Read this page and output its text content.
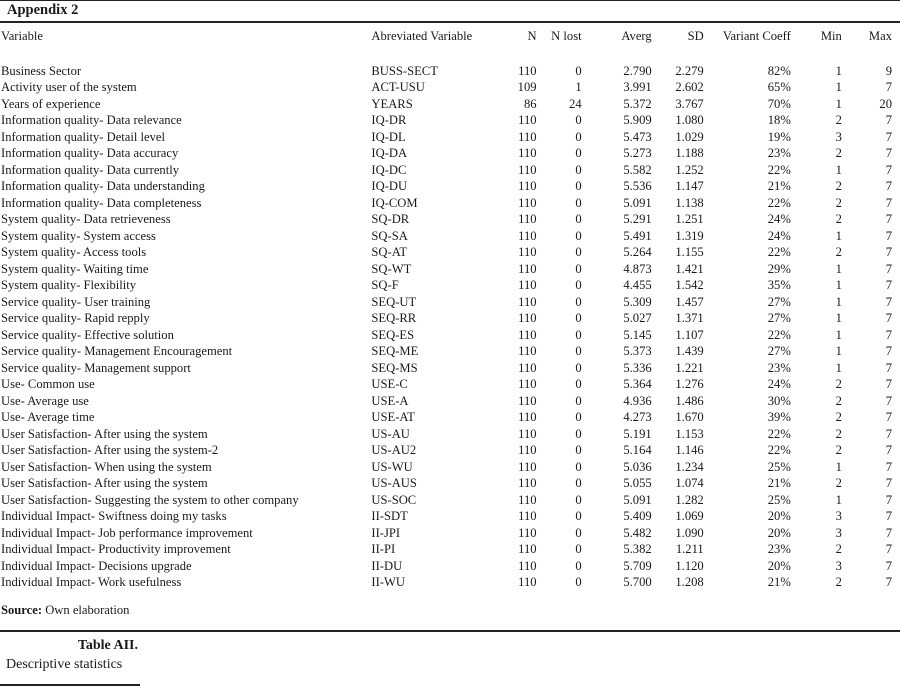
Appendix 2
Variable	Abreviated Variable	N	N lost	Averg	SD	Variant Coeff	Min	Max

Business Sector	BUSS-SECT	110	0	2.790	2.279	82%	1	9
Activity user of the system	ACT-USU	109	1	3.991	2.602	65%	1	7
Years of experience	YEARS	86	24	5.372	3.767	70%	1	20
Information quality- Data relevance	IQ-DR	110	0	5.909	1.080	18%	2	7
Information quality- Detail level	IQ-DL	110	0	5.473	1.029	19%	3	7
Information quality- Data accuracy	IQ-DA	110	0	5.273	1.188	23%	2	7
Information quality- Data currently	IQ-DC	110	0	5.582	1.252	22%	1	7
Information quality- Data understanding	IQ-DU	110	0	5.536	1.147	21%	2	7
Information quality- Data completeness	IQ-COM	110	0	5.091	1.138	22%	2	7
System quality- Data retrieveness	SQ-DR	110	0	5.291	1.251	24%	2	7
System quality- System access	SQ-SA	110	0	5.491	1.319	24%	1	7
System quality- Access tools	SQ-AT	110	0	5.264	1.155	22%	2	7
System quality- Waiting time	SQ-WT	110	0	4.873	1.421	29%	1	7
System quality- Flexibility	SQ-F	110	0	4.455	1.542	35%	1	7
Service quality- User training	SEQ-UT	110	0	5.309	1.457	27%	1	7
Service quality- Rapid repply	SEQ-RR	110	0	5.027	1.371	27%	1	7
Service quality- Effective solution	SEQ-ES	110	0	5.145	1.107	22%	1	7
Service quality- Management Encouragement	SEQ-ME	110	0	5.373	1.439	27%	1	7
Service quality- Management support	SEQ-MS	110	0	5.336	1.221	23%	1	7
Use- Common use	USE-C	110	0	5.364	1.276	24%	2	7
Use- Average use	USE-A	110	0	4.936	1.486	30%	2	7
Use- Average time	USE-AT	110	0	4.273	1.670	39%	2	7
User Satisfaction- After using the system	US-AU	110	0	5.191	1.153	22%	2	7
User Satisfaction- After using the system-2	US-AU2	110	0	5.164	1.146	22%	2	7
User Satisfaction- When using the system	US-WU	110	0	5.036	1.234	25%	1	7
User Satisfaction- After using the system	US-AUS	110	0	5.055	1.074	21%	2	7
User Satisfaction- Suggesting the system to other company	US-SOC	110	0	5.091	1.282	25%	1	7
Individual Impact- Swiftness doing my tasks	II-SDT	110	0	5.409	1.069	20%	3	7
Individual Impact- Job performance improvement	II-JPI	110	0	5.482	1.090	20%	3	7
Individual Impact- Productivity improvement	II-PI	110	0	5.382	1.211	23%	2	7
Individual Impact- Decisions upgrade	II-DU	110	0	5.709	1.120	20%	3	7
Individual Impact- Work usefulness	II-WU	110	0	5.700	1.208	21%	2	7
Source: Own elaboration
Table AII.
Descriptive statistics
